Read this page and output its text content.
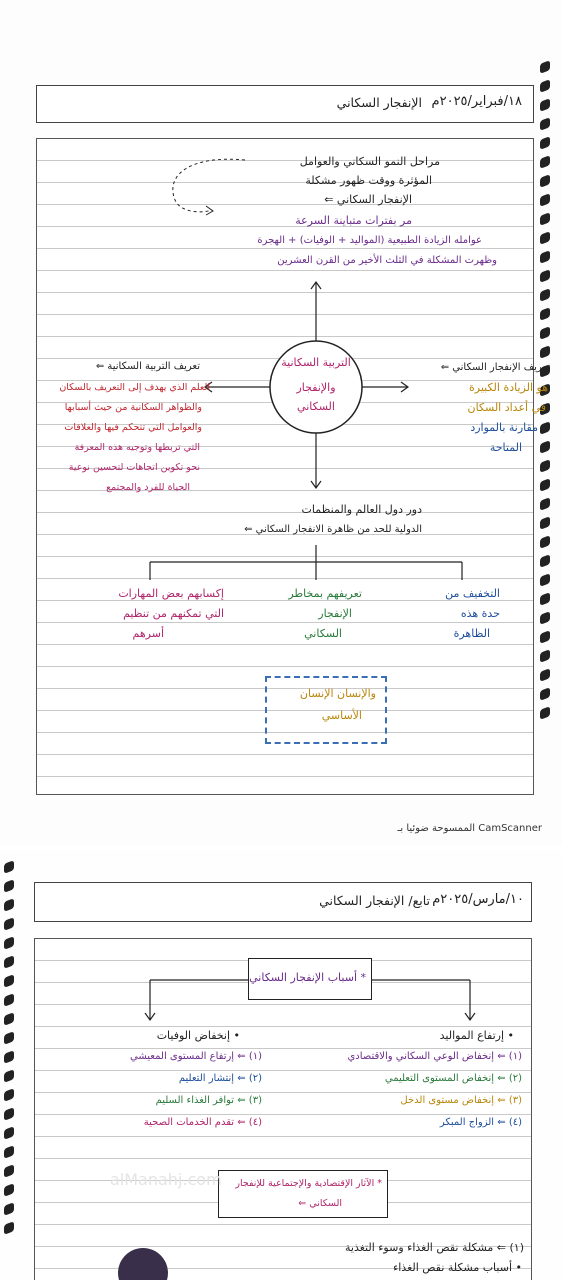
١٨/فبراير/٢٠٢٥م
الإنفجار السكاني
مراحل النمو السكاني والعوامل
المؤثرة ووقت ظهور مشكلة
الإنفجار السكاني ⇐
مر بفترات متباينة السرعة
عوامله الزيادة الطبيعية (المواليد + الوفيات) + الهجرة
وظهرت المشكلة في الثلث الأخير من القرن العشرين
التربية السكانية
والإنفجار
السكاني
تعريف الإنفجار السكاني ⇐
هو الزيادة الكبيرة
في أعداد السكان
مقارنة بالموارد
المتاحة
تعريف التربية السكانية ⇐
العلم الذي يهدف إلى التعريف بالسكان
والظواهر السكانية من حيث أسبابها
والعوامل التي تتحكم فيها والعلاقات
التي تربطها وتوجيه هذه المعرفة
نحو تكوين اتجاهات لتحسين نوعية
الحياة للفرد والمجتمع
دور دول العالم والمنظمات
الدولية للحد من ظاهرة الانفجار السكاني ⇐
التخفيف من
حدة هذه
الظاهرة
تعريفهم بمخاطر
الإنفجار
السكاني
إكسابهم بعض المهارات
التي تمكنهم من تنظيم
أسرهم
والإنسان الإنسان
الأساسي
الممسوحة ضوئيا بـ CamScanner
١٠/مارس/٢٠٢٥م
تابع/ الإنفجار السكاني
* أسباب الإنفجار السكاني
• إرتفاع المواليد
(١) ⇐ إنخفاض الوعي السكاني والاقتصادي
(٢) ⇐ إنخفاض المستوى التعليمي
(٣) ⇐ إنخفاض مستوى الدخل
(٤) ⇐ الزواج المبكر
• إنخفاض الوفيات
(١) ⇐ إرتفاع المستوى المعيشي
(٢) ⇐ إنتشار التعليم
(٣) ⇐ توافر الغذاء السليم
(٤) ⇐ تقدم الخدمات الصحية
* الآثار الإقتصادية والإجتماعية للإنفجار
السكاني ⇐
(١) ⇐ مشكلة نقص الغذاء وسوء التغذية
• أسباب مشكلة نقص الغذاء
alManahj.com
